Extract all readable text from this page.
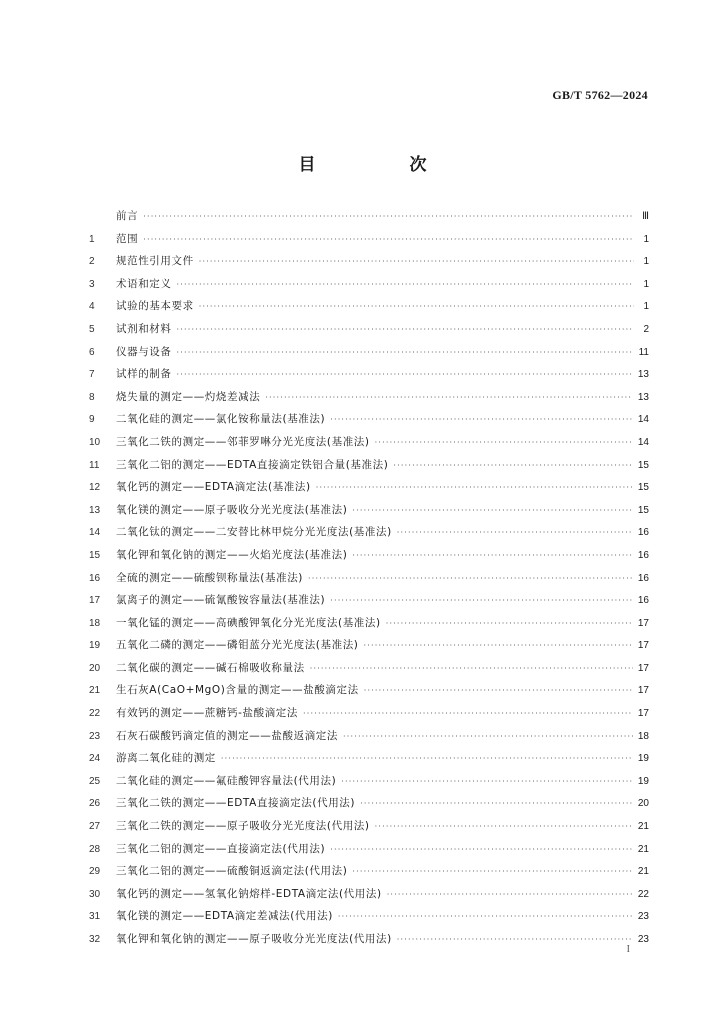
GB/T 5762—2024
目 次
前言 ·····	Ⅲ
1	范围 ·····	1
2	规范性引用文件 ·····	1
3	术语和定义 ·····	1
4	试验的基本要求 ·····	1
5	试剂和材料 ·····	2
6	仪器与设备 ·····	11
7	试样的制备 ·····	13
8	烧失量的测定——灼烧差减法 ·····	13
9	二氧化硅的测定——氯化铵称量法(基准法) ·····	14
10	三氧化二铁的测定——邻菲罗啉分光光度法(基准法) ·····	14
11	三氧化二铝的测定——EDTA直接滴定铁铝合量(基准法) ·····	15
12	氧化钙的测定——EDTA滴定法(基准法) ·····	15
13	氧化镁的测定——原子吸收分光光度法(基准法) ·····	15
14	二氧化钛的测定——二安替比林甲烷分光光度法(基准法) ·····	16
15	氧化钾和氧化钠的测定——火焰光度法(基准法) ·····	16
16	全硫的测定——硫酸钡称量法(基准法) ·····	16
17	氯离子的测定——硫氰酸铵容量法(基准法) ·····	16
18	一氧化锰的测定——高碘酸钾氧化分光光度法(基准法) ·····	17
19	五氧化二磷的测定——磷钼蓝分光光度法(基准法) ·····	17
20	二氧化碳的测定——碱石棉吸收称量法 ·····	17
21	生石灰A(CaO+MgO)含量的测定——盐酸滴定法 ·····	17
22	有效钙的测定——蔗糖钙-盐酸滴定法 ·····	17
23	石灰石碳酸钙滴定值的测定——盐酸返滴定法 ·····	18
24	游离二氧化硅的测定 ·····	19
25	二氧化硅的测定——氟硅酸钾容量法(代用法) ·····	19
26	三氧化二铁的测定——EDTA直接滴定法(代用法) ·····	20
27	三氧化二铁的测定——原子吸收分光光度法(代用法) ·····	21
28	三氧化二铝的测定——直接滴定法(代用法) ·····	21
29	三氧化二铝的测定——硫酸铜返滴定法(代用法) ·····	21
30	氧化钙的测定——氢氧化钠熔样-EDTA滴定法(代用法) ·····	22
31	氧化镁的测定——EDTA滴定差减法(代用法) ·····	23
32	氧化钾和氧化钠的测定——原子吸收分光光度法(代用法) ·····	23
I
